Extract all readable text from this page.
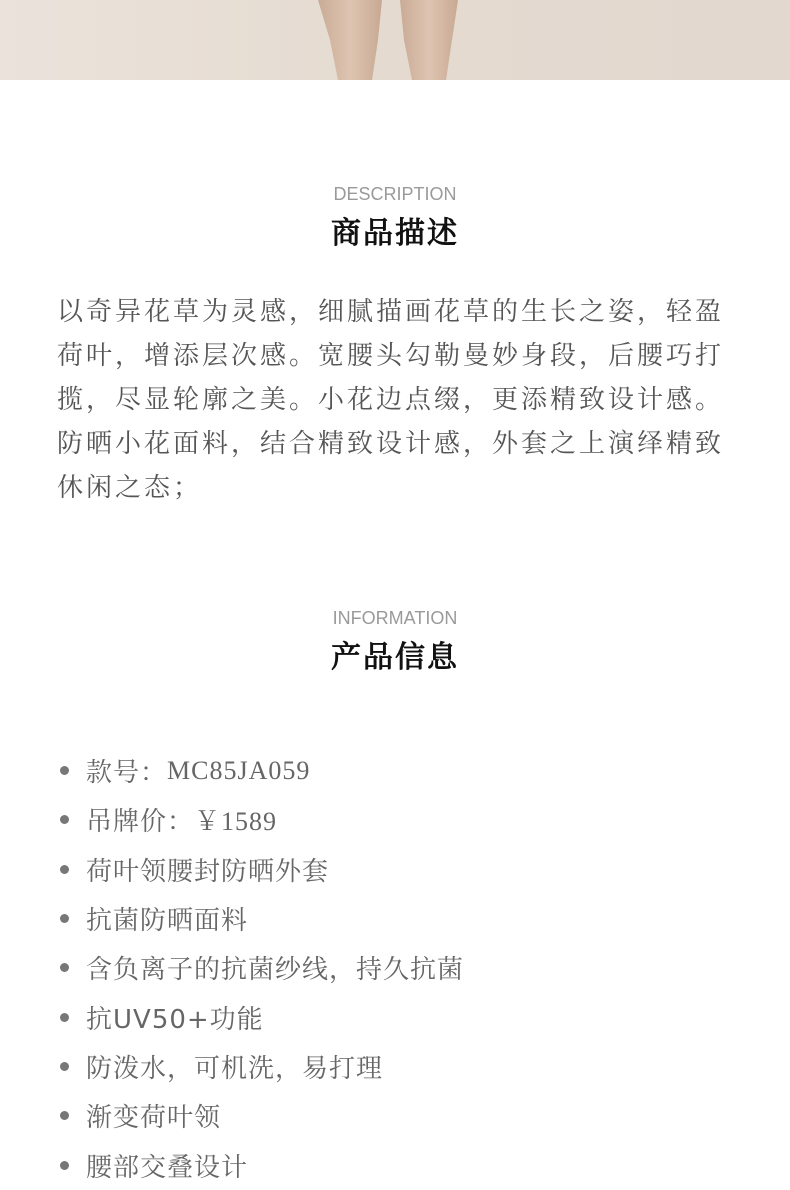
DESCRIPTION
商品描述

以奇异花草为灵感，细腻描画花草的生长之姿，轻盈荷叶，增添层次感。宽腰头勾勒曼妙身段，后腰巧打揽，尽显轮廓之美。小花边点缀，更添精致设计感。防晒小花面料，结合精致设计感，外套之上演绎精致休闲之态；

INFORMATION
产品信息
款号： MC85JA059
吊牌价： ￥1589
荷叶领腰封防晒外套
抗菌防晒面料
含负离子的抗菌纱线，持久抗菌
抗UV50+功能
防泼水，可机洗，易打理
渐变荷叶领
腰部交叠设计
